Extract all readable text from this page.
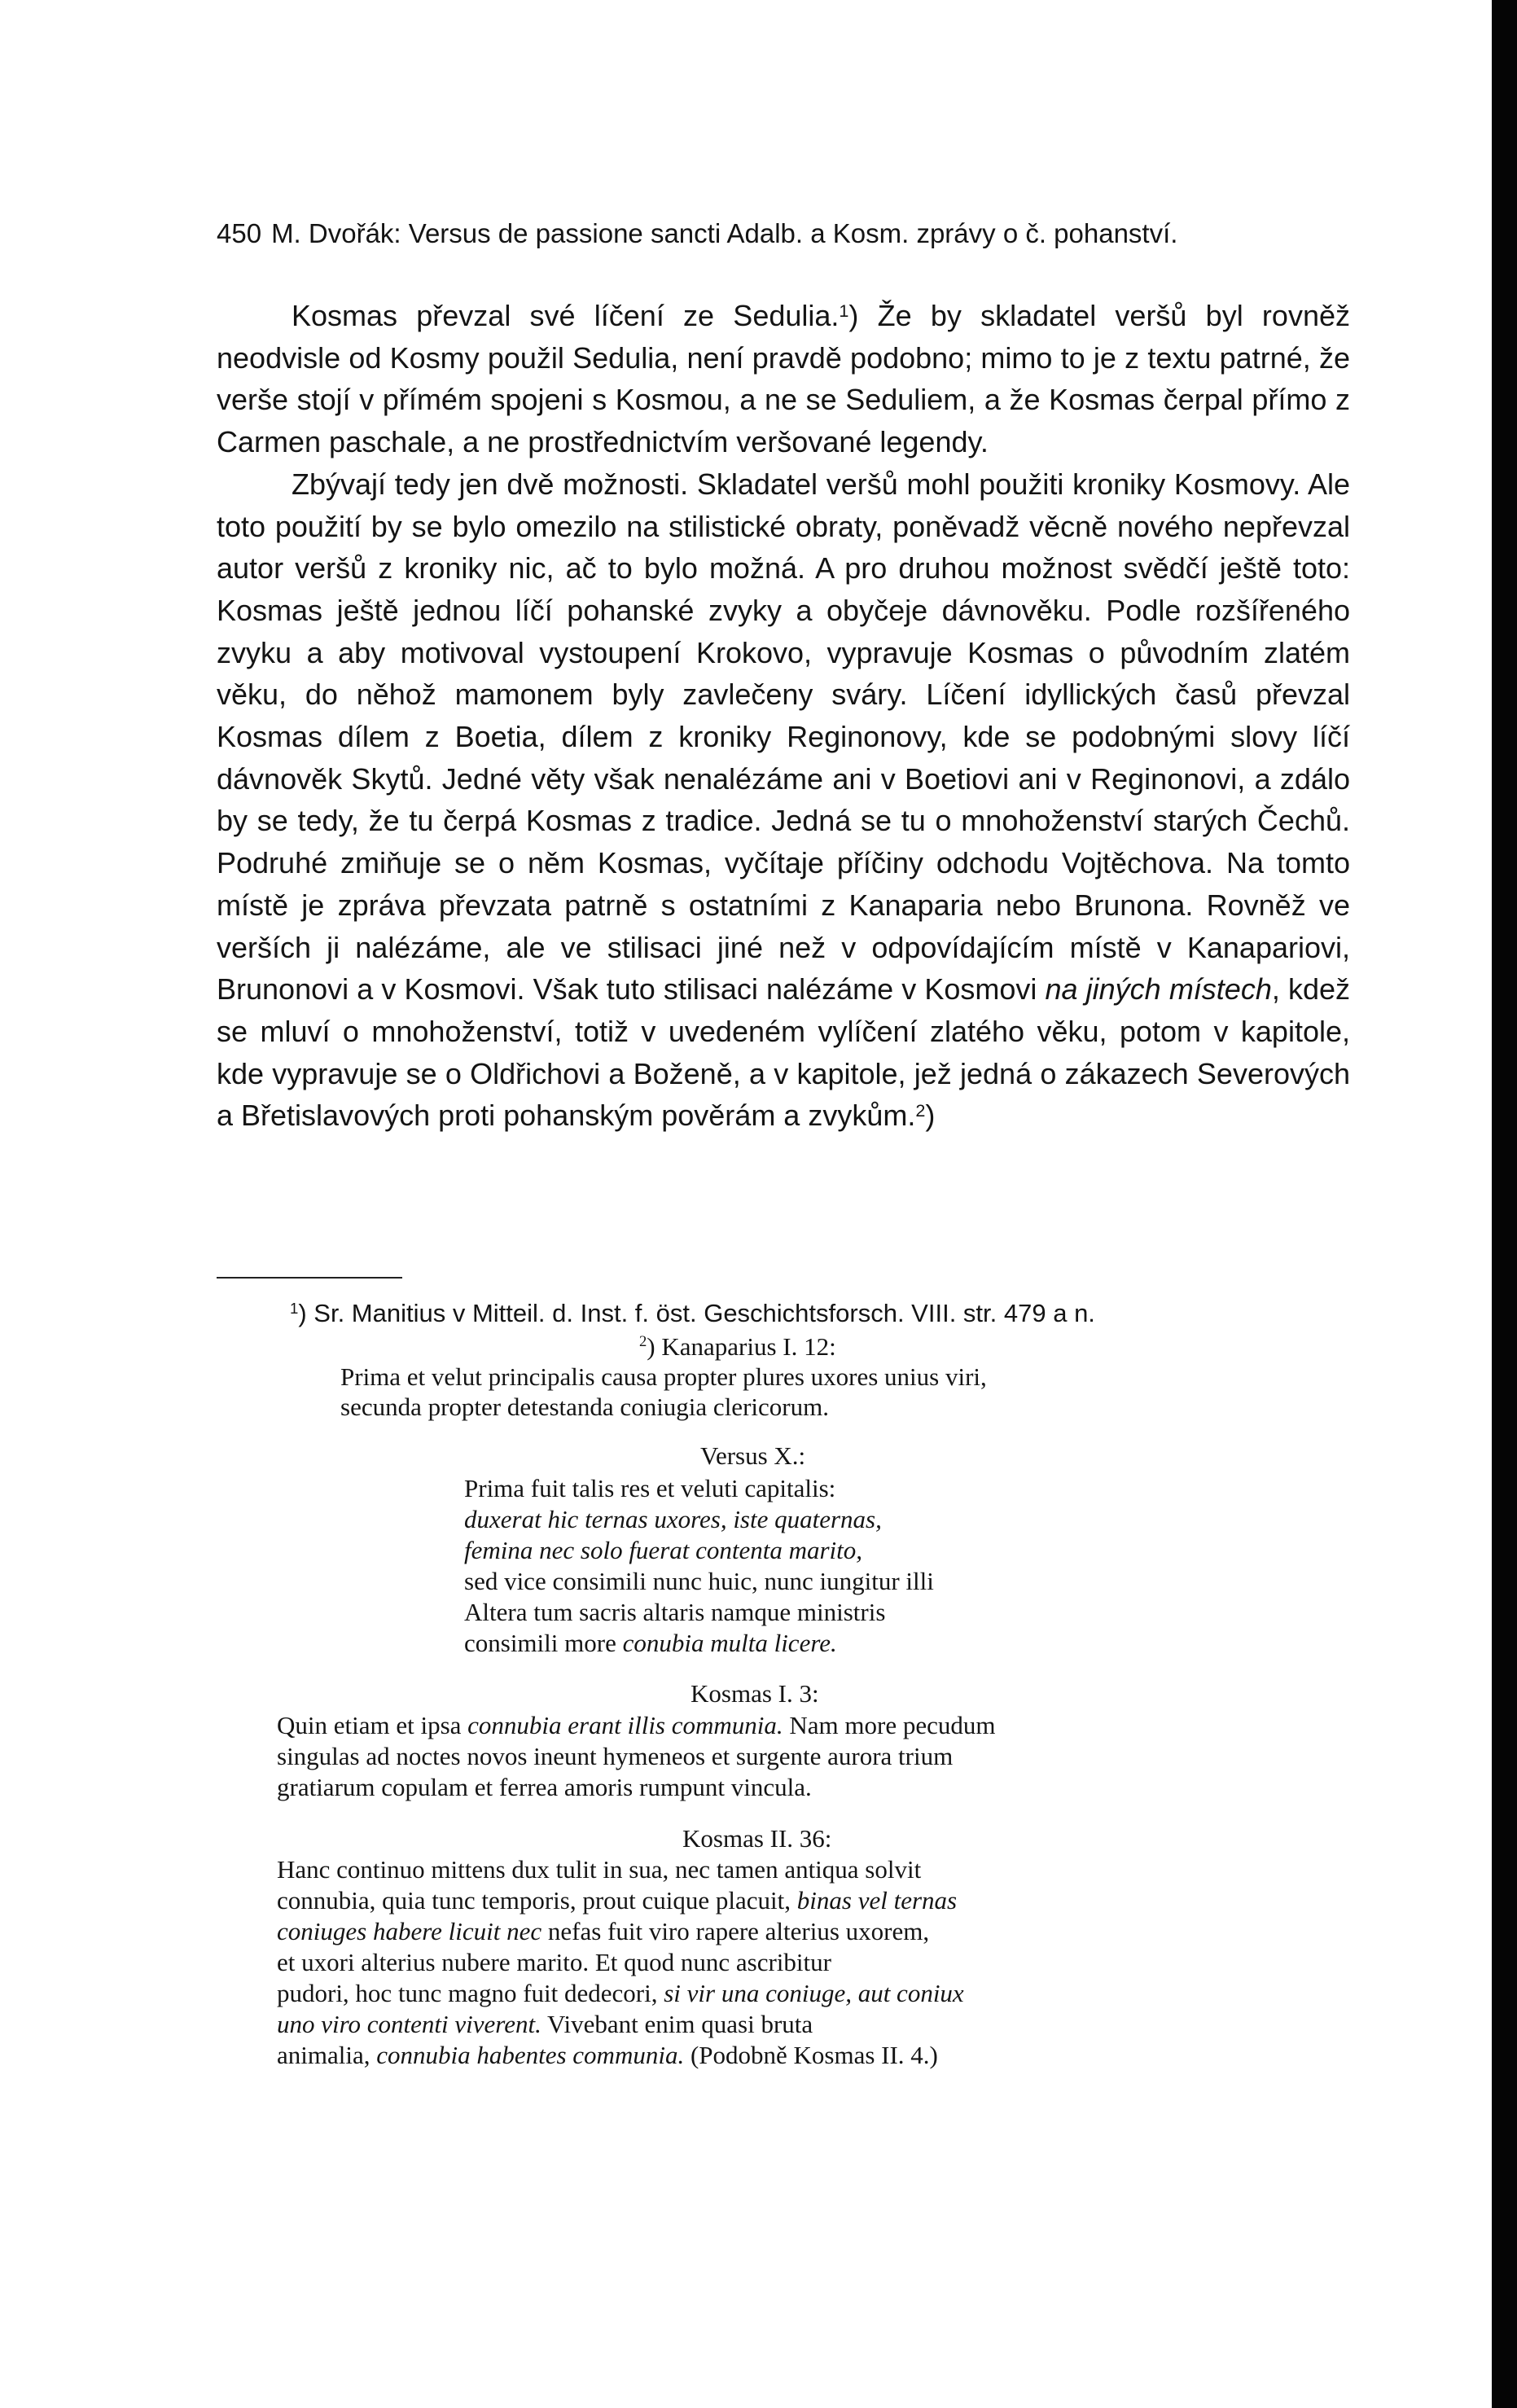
450 M. Dvořák: Versus de passione sancti Adalb. a Kosm. zprávy o č. pohanství.

Kosmas převzal své líčení ze Sedulia.$^1$) Že by skladatel veršů byl rovněž neodvisle od Kosmy použil Sedulia, není pravdě podobno; mimo to je z textu patrné, že verše stojí v přímém spojeni s Kosmou, a ne se Seduliem, a že Kosmas čerpal přímo z Carmen paschale, a ne prostřednictvím veršované legendy.

Zbývají tedy jen dvě možnosti. Skladatel veršů mohl použiti kroniky Kosmovy. Ale toto použití by se bylo omezilo na stilistické obraty, poněvadž věcně nového nepřevzal autor veršů z kroniky nic, ač to bylo možná. A pro druhou možnost svědčí ještě toto: Kosmas ještě jednou líčí pohanské zvyky a obyčeje dávnověku. Podle rozšířeného zvyku a aby motivoval vystoupení Krokovo, vypravuje Kosmas o původním zlatém věku, do něhož mamonem byly zavlečeny sváry. Líčení idyllických časů převzal Kosmas dílem z Boetia, dílem z kroniky Reginonovy, kde se podobnými slovy líčí dávnověk Skytů. Jedné věty však nenalézáme ani v Boetiovi ani v Reginonovi, a zdálo by se tedy, že tu čerpá Kosmas z tradice. Jedná se tu o mnohoženství starých Čechů. Podruhé zmiňuje se o něm Kosmas, vyčítaje příčiny odchodu Vojtěchova. Na tomto místě je zpráva převzata patrně s ostatními z Kanaparia nebo Brunona. Rovněž ve verších ji nalézáme, ale ve stilisaci jiné než v odpovídajícím místě v Kanapariovi, Brunonovi a v Kosmovi. Však tuto stilisaci nalézáme v Kosmovi na jiných místech, kdež se mluví o mnohoženství, totiž v uvedeném vylíčení zlatého věku, potom v kapitole, kde vypravuje se o Oldřichovi a Boženě, a v kapitole, jež jedná o zákazech Severových a Břetislavových proti pohanským pověrám a zvykům.$^2$)

$^1$) Sr. Manitius v Mitteil. d. Inst. f. öst. Geschichtsforsch. VIII. str. 479 a n.
$^2$) Kanaparius I. 12:
Prima et velut principalis causa propter plures uxores unius viri,
secunda propter detestanda coniugia clericorum.
Versus X.:
Prima fuit talis res et veluti capitalis:
duxerat hic ternas uxores, iste quaternas,
femina nec solo fuerat contenta marito,
sed vice consimili nunc huic, nunc iungitur illi
Altera tum sacris altaris namque ministris
consimili more conubia multa licere.
Kosmas I. 3:
Quin etiam et ipsa connubia erant illis communia. Nam more pecudum
singulas ad noctes novos ineunt hymeneos et surgente aurora trium
gratiarum copulam et ferrea amoris rumpunt vincula.
Kosmas II. 36:
Hanc continuo mittens dux tulit in sua, nec tamen antiqua solvit
connubia, quia tunc temporis, prout cuique placuit, binas vel ternas
coniuges habere licuit nec nefas fuit viro rapere alterius uxorem,
et uxori alterius nubere marito. Et quod nunc ascribitur
pudori, hoc tunc magno fuit dedecori, si vir una coniuge, aut coniux
uno viro contenti viverent. Vivebant enim quasi bruta
animalia, connubia habentes communia. (Podobně Kosmas II. 4.)
